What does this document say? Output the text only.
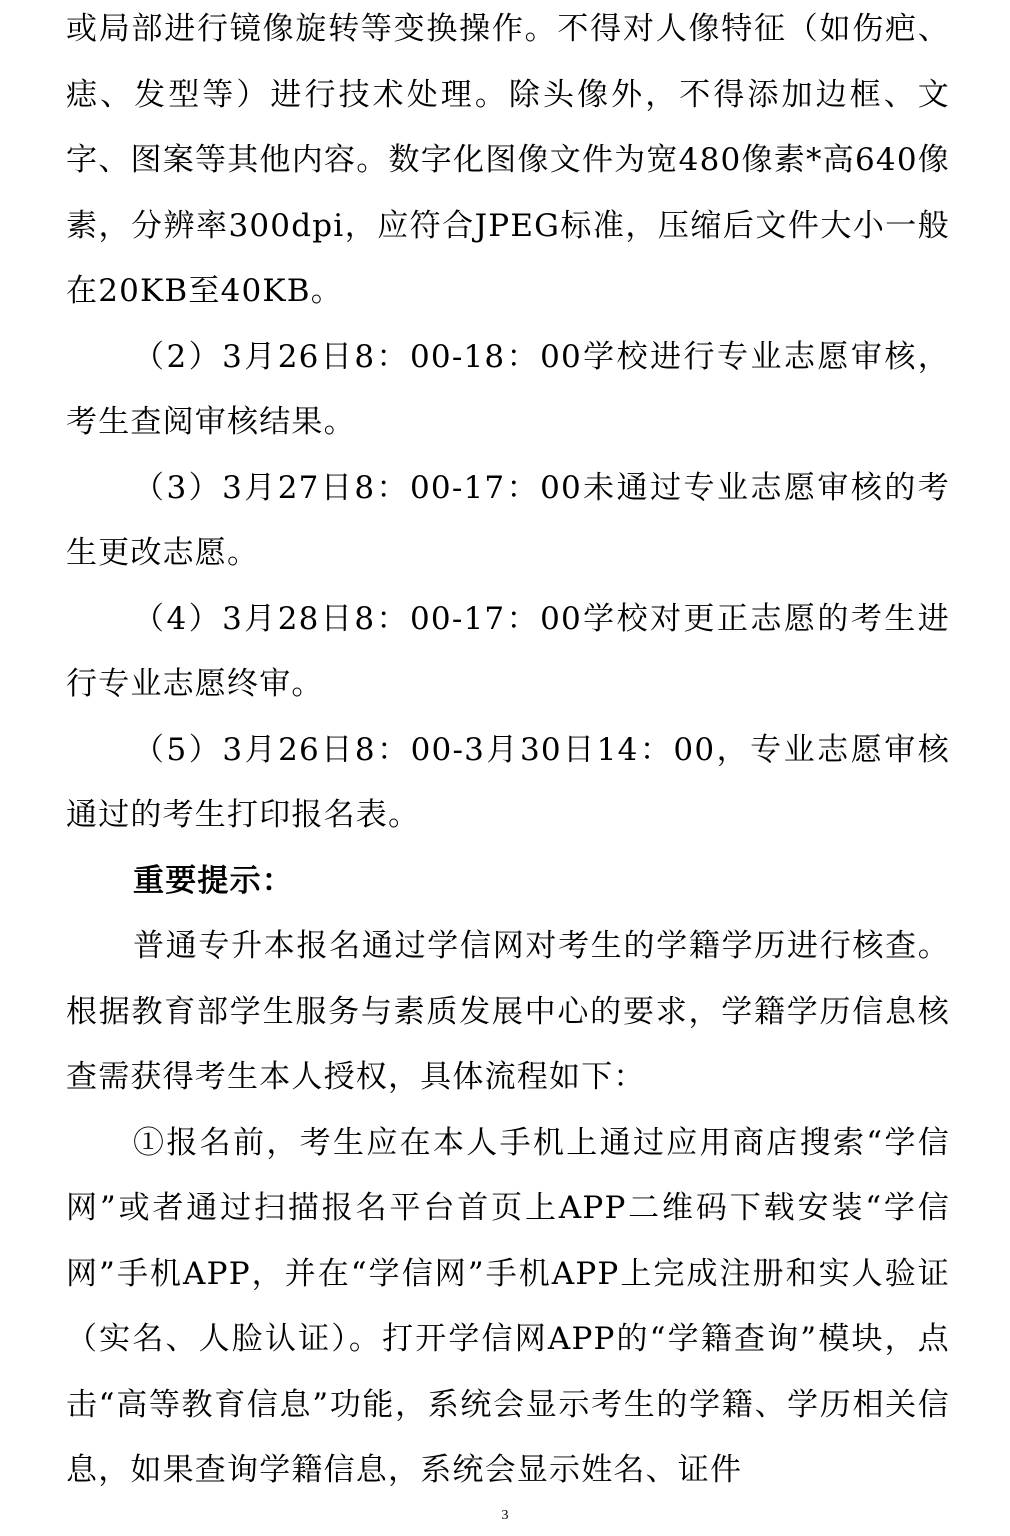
或局部进行镜像旋转等变换操作。不得对人像特征（如伤疤、痣、发型等）进行技术处理。除头像外，不得添加边框、文字、图案等其他内容。数字化图像文件为宽480像素*高640像素，分辨率300dpi，应符合JPEG标准，压缩后文件大小一般在20KB至40KB。

（2）3月26日8：00-18：00学校进行专业志愿审核，考生查阅审核结果。

（3）3月27日8：00-17：00未通过专业志愿审核的考生更改志愿。

（4）3月28日8：00-17：00学校对更正志愿的考生进行专业志愿终审。

（5）3月26日8：00-3月30日14：00，专业志愿审核通过的考生打印报名表。

重要提示：

普通专升本报名通过学信网对考生的学籍学历进行核查。根据教育部学生服务与素质发展中心的要求，学籍学历信息核查需获得考生本人授权，具体流程如下：

①报名前，考生应在本人手机上通过应用商店搜索“学信网”或者通过扫描报名平台首页上APP二维码下载安装“学信网”手机APP，并在“学信网”手机APP上完成注册和实人验证（实名、人脸认证）。打开学信网APP的“学籍查询”模块，点击“高等教育信息”功能，系统会显示考生的学籍、学历相关信息，如果查询学籍信息，系统会显示姓名、证件

3
